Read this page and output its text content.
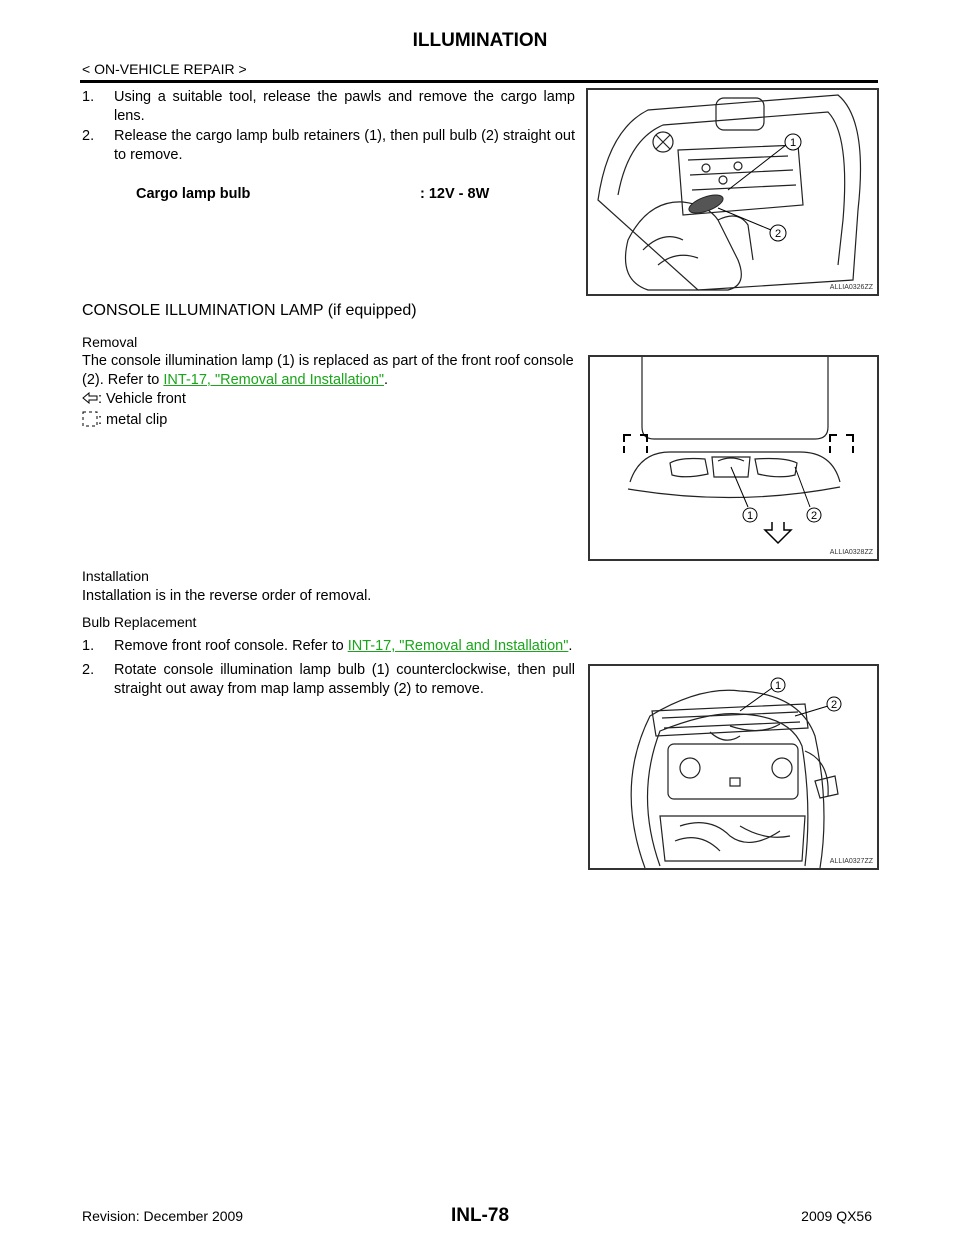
ILLUMINATION
< ON-VEHICLE REPAIR >
1. Using a suitable tool, release the pawls and remove the cargo lamp lens.
2. Release the cargo lamp bulb retainers (1), then pull bulb (2) straight out to remove.
Cargo lamp bulb	: 12V - 8W
1
2
ALLIA0326ZZ
CONSOLE ILLUMINATION LAMP (if equipped)
Removal
The console illumination lamp (1) is replaced as part of the front roof console (2). Refer to INT-17, "Removal and Installation".
: Vehicle front
: metal clip
1	2
ALLIA0328ZZ
Installation
Installation is in the reverse order of removal.
Bulb Replacement
1. Remove front roof console. Refer to INT-17, "Removal and Installation".
2. Rotate console illumination lamp bulb (1) counterclockwise, then pull straight out away from map lamp assembly (2) to remove.	1
2
ALLIA0327ZZ
Revision: December 2009	INL-78	2009 QX56
